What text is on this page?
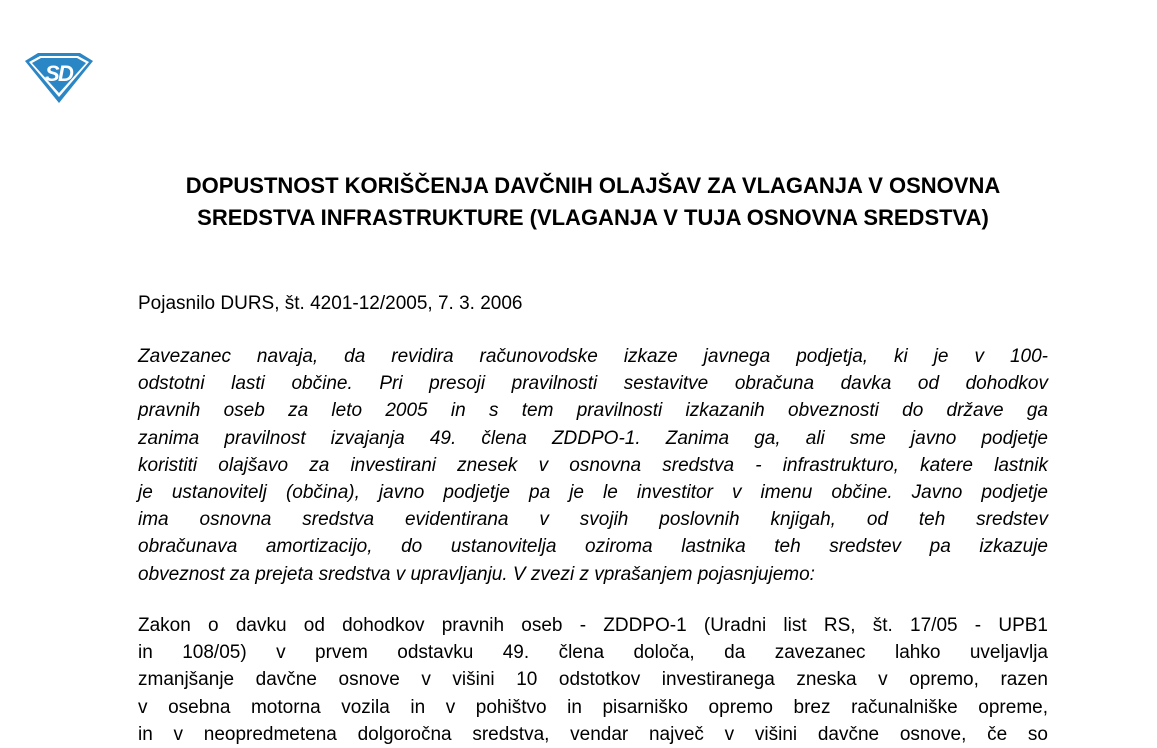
S
D
DOPUSTNOST KORIŠČENJA DAVČNIH OLAJŠAV ZA VLAGANJA V OSNOVNA SREDSTVA INFRASTRUKTURE (VLAGANJA V TUJA OSNOVNA SREDSTVA)

Pojasnilo DURS, št. 4201-12/2005, 7. 3. 2006

Zavezanec navaja, da revidira računovodske izkaze javnega podjetja, ki je v 100-
odstotni lasti občine. Pri presoji pravilnosti sestavitve obračuna davka od dohodkov
pravnih oseb za leto 2005 in s tem pravilnosti izkazanih obveznosti do države ga
zanima pravilnost izvajanja 49. člena ZDDPO-1. Zanima ga, ali sme javno podjetje
koristiti olajšavo za investirani znesek v osnovna sredstva - infrastrukturo, katere lastnik
je ustanovitelj (občina), javno podjetje pa je le investitor v imenu občine. Javno podjetje
ima osnovna sredstva evidentirana v svojih poslovnih knjigah, od teh sredstev
obračunava amortizacijo, do ustanovitelja oziroma lastnika teh sredstev pa izkazuje
obveznost za prejeta sredstva v upravljanju. V zvezi z vprašanjem pojasnjujemo:

Zakon o davku od dohodkov pravnih oseb - ZDDPO-1 (Uradni list RS, št. 17/05 - UPB1
in 108/05) v prvem odstavku 49. člena določa, da zavezanec lahko uveljavlja
zmanjšanje davčne osnove v višini 10 odstotkov investiranega zneska v opremo, razen
v osebna motorna vozila in v pohištvo in pisarniško opremo brez računalniške opreme,
in v neopredmetena dolgoročna sredstva, vendar največ v višini davčne osnove, če so
